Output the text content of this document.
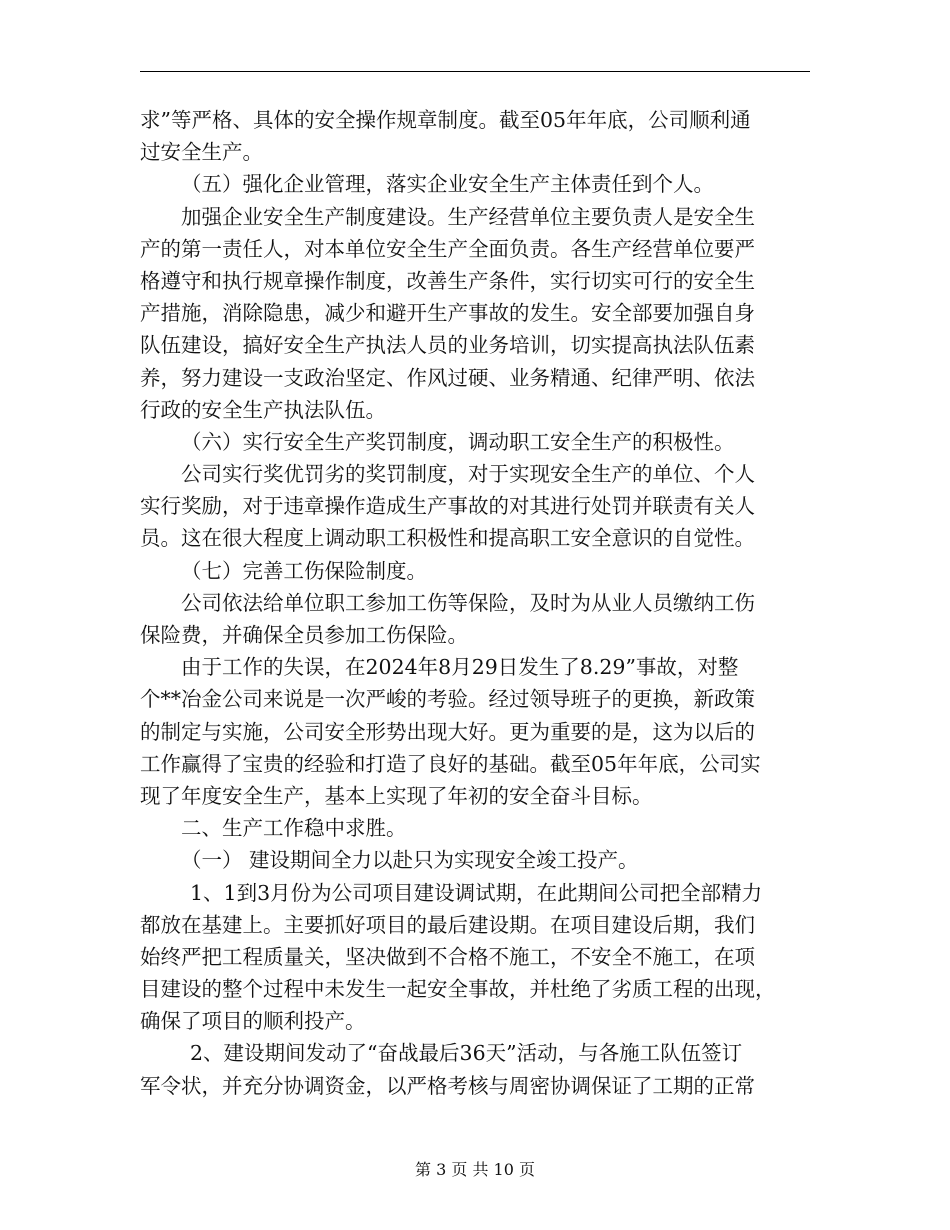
求”等严格、具体的安全操作规章制度。截至05年年底，公司顺利通
过安全生产。
（五）强化企业管理，落实企业安全生产主体责任到个人。
加强企业安全生产制度建设。生产经营单位主要负责人是安全生
产的第一责任人，对本单位安全生产全面负责。各生产经营单位要严
格遵守和执行规章操作制度，改善生产条件，实行切实可行的安全生
产措施，消除隐患，减少和避开生产事故的发生。安全部要加强自身
队伍建设，搞好安全生产执法人员的业务培训，切实提高执法队伍素
养，努力建设一支政治坚定、作风过硬、业务精通、纪律严明、依法
行政的安全生产执法队伍。
（六）实行安全生产奖罚制度，调动职工安全生产的积极性。
公司实行奖优罚劣的奖罚制度，对于实现安全生产的单位、个人
实行奖励，对于违章操作造成生产事故的对其进行处罚并联责有关人
员。这在很大程度上调动职工积极性和提高职工安全意识的自觉性。
（七）完善工伤保险制度。
公司依法给单位职工参加工伤等保险，及时为从业人员缴纳工伤
保险费，并确保全员参加工伤保险。
由于工作的失误，在2024年8月29日发生了8.29”事故，对整
个**冶金公司来说是一次严峻的考验。经过领导班子的更换，新政策
的制定与实施，公司安全形势出现大好。更为重要的是，这为以后的
工作赢得了宝贵的经验和打造了良好的基础。截至05年年底，公司实
现了年度安全生产，基本上实现了年初的安全奋斗目标。
二、生产工作稳中求胜。
（一） 建设期间全力以赴只为实现安全竣工投产。
1、1到3月份为公司项目建设调试期，在此期间公司把全部精力
都放在基建上。主要抓好项目的最后建设期。在项目建设后期，我们
始终严把工程质量关，坚决做到不合格不施工，不安全不施工，在项
目建设的整个过程中未发生一起安全事故，并杜绝了劣质工程的出现，
确保了项目的顺利投产。
2、建设期间发动了“奋战最后36天”活动，与各施工队伍签订
军令状，并充分协调资金，以严格考核与周密协调保证了工期的正常
第 3 页 共 10 页
